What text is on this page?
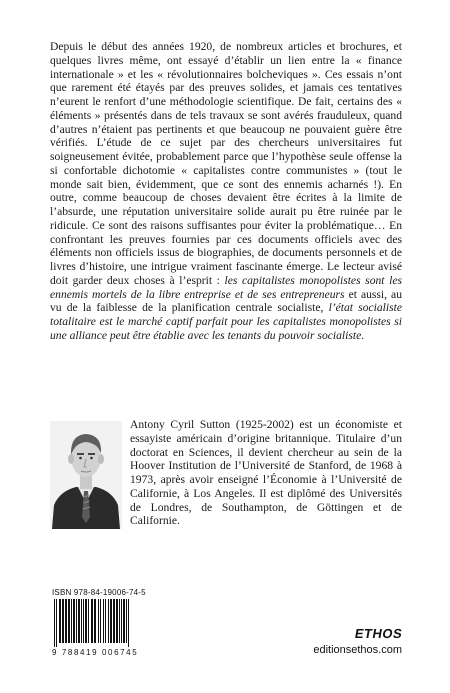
Depuis le début des années 1920, de nombreux articles et brochures, et quelques livres même, ont essayé d’établir un lien entre la « finance internationale » et les « révolutionnaires bolcheviques ». Ces essais n’ont que rarement été étayés par des preuves solides, et jamais ces tentatives n’eurent le renfort d’une méthodologie scientifique. De fait, certains des « éléments » présentés dans de tels travaux se sont avérés frauduleux, quand d’autres n’étaient pas pertinents et que beaucoup ne pouvaient guère être vérifiés. L’étude de ce sujet par des chercheurs universitaires fut soigneusement évitée, probablement parce que l’hypothèse seule offense la si confortable dichotomie « capitalistes contre communistes » (tout le monde sait bien, évidemment, que ce sont des ennemis acharnés !). En outre, comme beaucoup de choses devaient être écrites à la limite de l’absurde, une réputation universitaire solide aurait pu être ruinée par le ridicule. Ce sont des raisons suffisantes pour éviter la problématique… En confrontant les preuves fournies par ces documents officiels avec des éléments non officiels issus de biographies, de documents personnels et de livres d’histoire, une intrigue vraiment fascinante émerge. Le lecteur avisé doit garder deux choses à l’esprit : les capitalistes monopolistes sont les ennemis mortels de la libre entreprise et de ses entrepreneurs et aussi, au vu de la faiblesse de la planification centrale socialiste, l’état socialiste totalitaire est le marché captif parfait pour les capitalistes monopolistes si une alliance peut être établie avec les tenants du pouvoir socialiste.

Antony Cyril Sutton (1925-2002) est un économiste et essayiste américain d’origine britannique. Titulaire d’un doctorat en Sciences, il devient chercheur au sein de la Hoover Institution de l’Université de Stanford, de 1968 à 1973, après avoir enseigné l’Économie à l’Université de Californie, à Los Angeles. Il est diplômé des Universités de Londres, de Southampton, de Göttingen et de Californie.
ISBN 978-84-19006-74-5
9 788419 006745
ETHOS
editionsethos.com
